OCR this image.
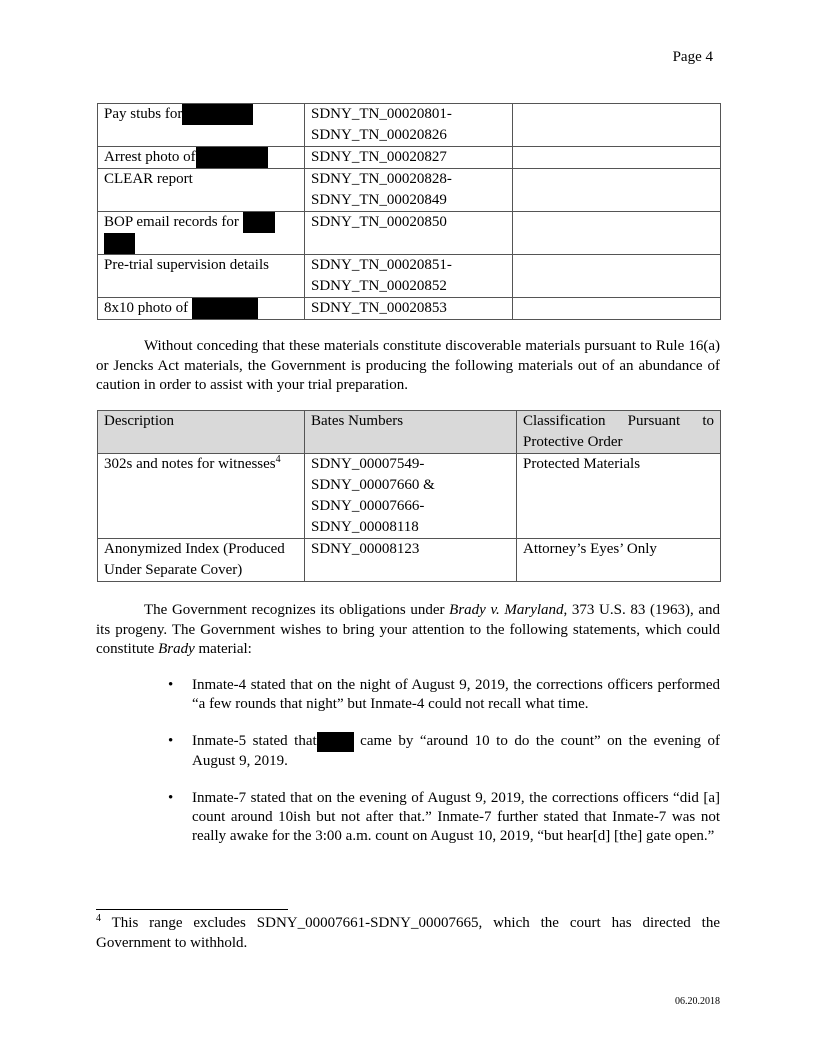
Page 4
Pay stubs for	SDNY_TN_00020801-
SDNY_TN_00020826	

Arrest photo of	SDNY_TN_00020827	

CLEAR report	SDNY_TN_00020828-
SDNY_TN_00020849	

BOP email records for	SDNY_TN_00020850	

Pre-trial supervision details	SDNY_TN_00020851-
SDNY_TN_00020852	

8x10 photo of	SDNY_TN_00020853	

Without conceding that these materials constitute discoverable materials pursuant to Rule 16(a) or Jencks Act materials, the Government is producing the following materials out of an abundance of caution in order to assist with your trial preparation.

Description	Bates Numbers	Classification Pursuant to Protective Order
302s and notes for witnesses$^4$	SDNY_00007549-
SDNY_00007660 &
SDNY_00007666-
SDNY_00008118	Protected Materials
Anonymized Index (Produced Under Separate Cover)	SDNY_00008123	Attorney’s Eyes’ Only

The Government recognizes its obligations under Brady v. Maryland, 373 U.S. 83 (1963), and its progeny. The Government wishes to bring your attention to the following statements, which could constitute Brady material:

• Inmate-4 stated that on the night of August 9, 2019, the corrections officers performed “a few rounds that night” but Inmate-4 could not recall what time.
• Inmate-5 stated that came by “around 10 to do the count” on the evening of August 9, 2019.
• Inmate-7 stated that on the evening of August 9, 2019, the corrections officers “did [a] count around 10ish but not after that.” Inmate-7 further stated that Inmate-7 was not really awake for the 3:00 a.m. count on August 10, 2019, “but hear[d] [the] gate open.”
$^4$ This range excludes SDNY_00007661-SDNY_00007665, which the court has directed the Government to withhold.
06.20.2018
